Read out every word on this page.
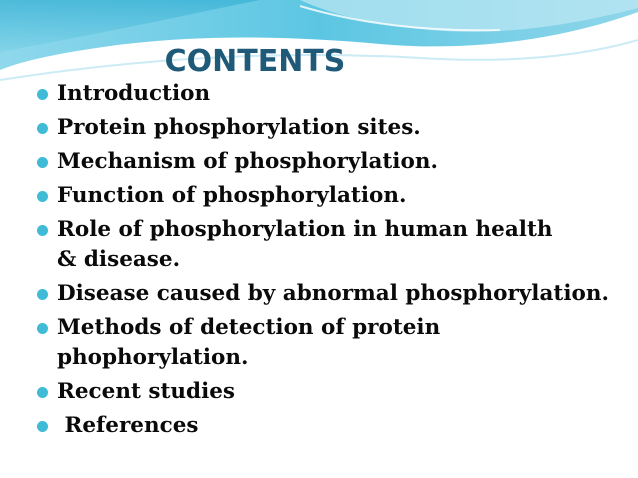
CONTENTS
Introduction
Protein phosphorylation sites.
Mechanism of phosphorylation.
Function of phosphorylation.
Role of phosphorylation in human health & disease.
Disease caused by abnormal phosphorylation.
Methods of detection of protein phophorylation.
Recent studies
References
